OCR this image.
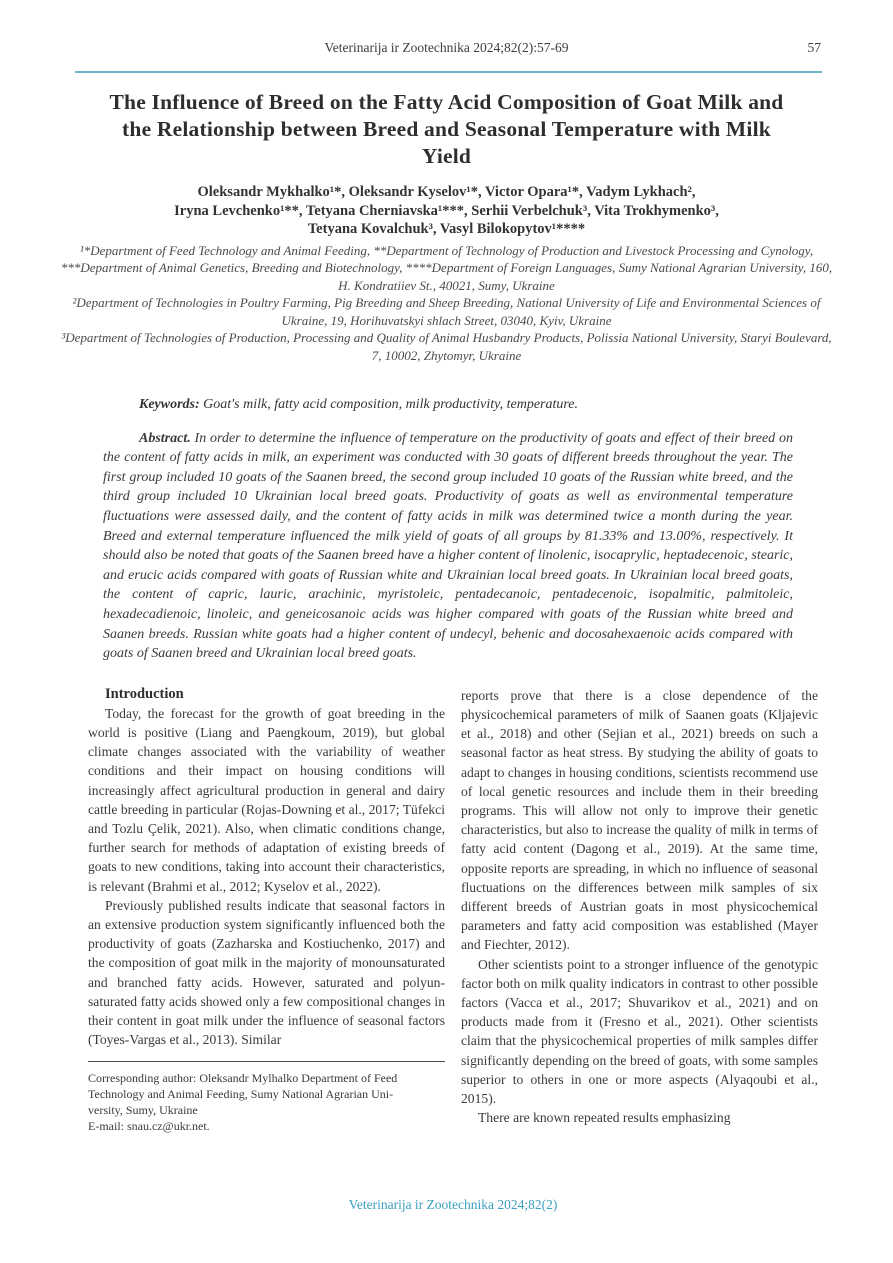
Veterinarija ir Zootechnika 2024;82(2):57-69	57
The Influence of Breed on the Fatty Acid Composition of Goat Milk and the Relationship between Breed and Seasonal Temperature with Milk Yield
Oleksandr Mykhalko¹*, Oleksandr Kyselov¹*, Victor Opara¹*, Vadym Lykhach²,
Iryna Levchenko¹**, Tetyana Cherniavska¹***, Serhii Verbelchuk³, Vita Trokhymenko³,
Tetyana Kovalchuk³, Vasyl Bilokopytov¹****
¹*Department of Feed Technology and Animal Feeding, **Department of Technology of Production and Livestock Processing and Cynology, ***Department of Animal Genetics, Breeding and Biotechnology, ****Department of Foreign Languages, Sumy National Agrarian University, 160, H. Kondratiiev St., 40021, Sumy, Ukraine
²Department of Technologies in Poultry Farming, Pig Breeding and Sheep Breeding, National University of Life and Environmental Sciences of Ukraine, 19, Horihuvatskyi shlach Street, 03040, Kyiv, Ukraine
³Department of Technologies of Production, Processing and Quality of Animal Husbandry Products, Polissia National University, Staryi Boulevard, 7, 10002, Zhytomyr, Ukraine
Keywords: Goat's milk, fatty acid composition, milk productivity, temperature.
Abstract. In order to determine the influence of temperature on the productivity of goats and effect of their breed on the content of fatty acids in milk, an experiment was conducted with 30 goats of different breeds throughout the year. The first group included 10 goats of the Saanen breed, the second group included 10 goats of the Russian white breed, and the third group included 10 Ukrainian local breed goats. Productivity of goats as well as environmental temperature fluctuations were assessed daily, and the content of fatty acids in milk was determined twice a month during the year. Breed and external temperature influenced the milk yield of goats of all groups by 81.33% and 13.00%, respectively. It should also be noted that goats of the Saanen breed have a higher content of linolenic, isocaprylic, heptadecenoic, stearic, and erucic acids compared with goats of Russian white and Ukrainian local breed goats. In Ukrainian local breed goats, the content of capric, lauric, arachinic, myristoleic, pentadecanoic, pentadecenoic, isopalmitic, palmitoleic, hexadecadienoic, linoleic, and geneicosanoic acids was higher compared with goats of the Russian white breed and Saanen breeds. Russian white goats had a higher content of undecyl, behenic and docosahexaenoic acids compared with goats of Saanen breed and Ukrainian local breed goats.
Introduction

Today, the forecast for the growth of goat breeding in the world is positive (Liang and Paengkoum, 2019), but global climate changes associated with the variability of weather conditions and their impact on housing conditions will increasingly affect agricultural production in general and dairy cattle breeding in particular (Rojas-Downing et al., 2017; Tüfekci and Tozlu Çelik, 2021). Also, when climatic conditions change, further search for methods of adaptation of existing breeds of goats to new conditions, taking into account their characteristics, is relevant (Brahmi et al., 2012; Kyselov et al., 2022).

Previously published results indicate that seasonal factors in an extensive production system significantly influenced both the productivity of goats (Zazharska and Kostiuchenko, 2017) and the composition of goat milk in the majority of monounsaturated and branched fatty acids. However, saturated and polyun-saturated fatty acids showed only a few compositional changes in their content in goat milk under the influence of seasonal factors (Toyes-Vargas et al., 2013). Similar

Corresponding author: Oleksandr Mylhalko Department of Feed
Technology and Animal Feeding, Sumy National Agrarian Uni-
versity, Sumy, Ukraine
E-mail: snau.cz@ukr.net.

reports prove that there is a close dependence of the physicochemical parameters of milk of Saanen goats (Kljajevic et al., 2018) and other (Sejian et al., 2021) breeds on such a seasonal factor as heat stress. By studying the ability of goats to adapt to changes in housing conditions, scientists recommend use of local genetic resources and include them in their breeding programs. This will allow not only to improve their genetic characteristics, but also to increase the quality of milk in terms of fatty acid content (Dagong et al., 2019). At the same time, opposite reports are spreading, in which no influence of seasonal fluctuations on the differences between milk samples of six different breeds of Austrian goats in most physicochemical parameters and fatty acid composition was established (Mayer and Fiechter, 2012).

Other scientists point to a stronger influence of the genotypic factor both on milk quality indicators in contrast to other possible factors (Vacca et al., 2017; Shuvarikov et al., 2021) and on products made from it (Fresno et al., 2021). Other scientists claim that the physicochemical properties of milk samples differ significantly depending on the breed of goats, with some samples superior to others in one or more aspects (Alyaqoubi et al., 2015).

There are known repeated results emphasizing

Veterinarija ir Zootechnika 2024;82(2)
